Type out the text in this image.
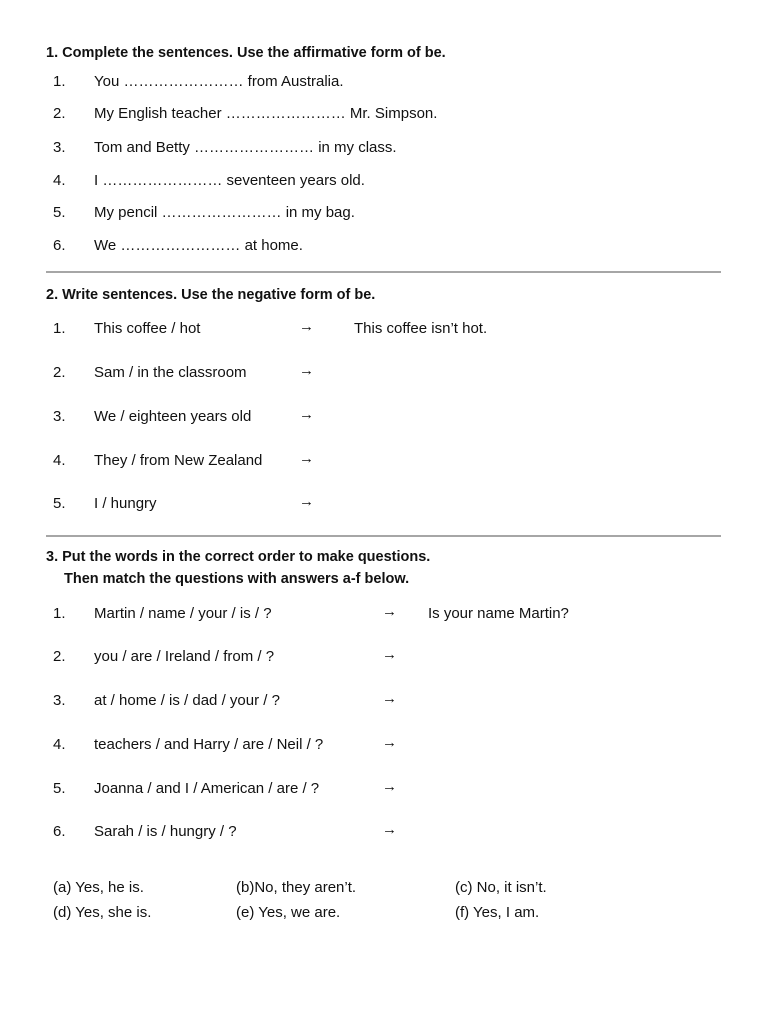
1. Complete the sentences. Use the affirmative form of be.
1. You …………………… from Australia.
2. My English teacher …………………… Mr. Simpson.
3. Tom and Betty …………………… in my class.
4. I …………………… seventeen years old.
5. My pencil …………………… in my bag.
6. We …………………… at home.
2. Write sentences. Use the negative form of be.
1. This coffee / hot	→	This coffee isn’t hot.
2. Sam / in the classroom	→
3. We / eighteen years old	→
4. They / from New Zealand →
5. I / hungry	→
3. Put the words in the correct order to make questions.
Then match the questions with answers a-f below.
1. Martin / name / your / is / ?	→ Is your name Martin?
2. you / are / Ireland / from / ?	→
3. at / home / is / dad / your / ?	→
4. teachers / and Harry / are / Neil / ?	→
5. Joanna / and I / American / are / ?	→
6. Sarah / is / hungry / ?	→
(a) Yes, he is.	(b)No, they aren’t.	(c) No, it isn’t.
(d) Yes, she is.	(e) Yes, we are.	(f) Yes, I am.
